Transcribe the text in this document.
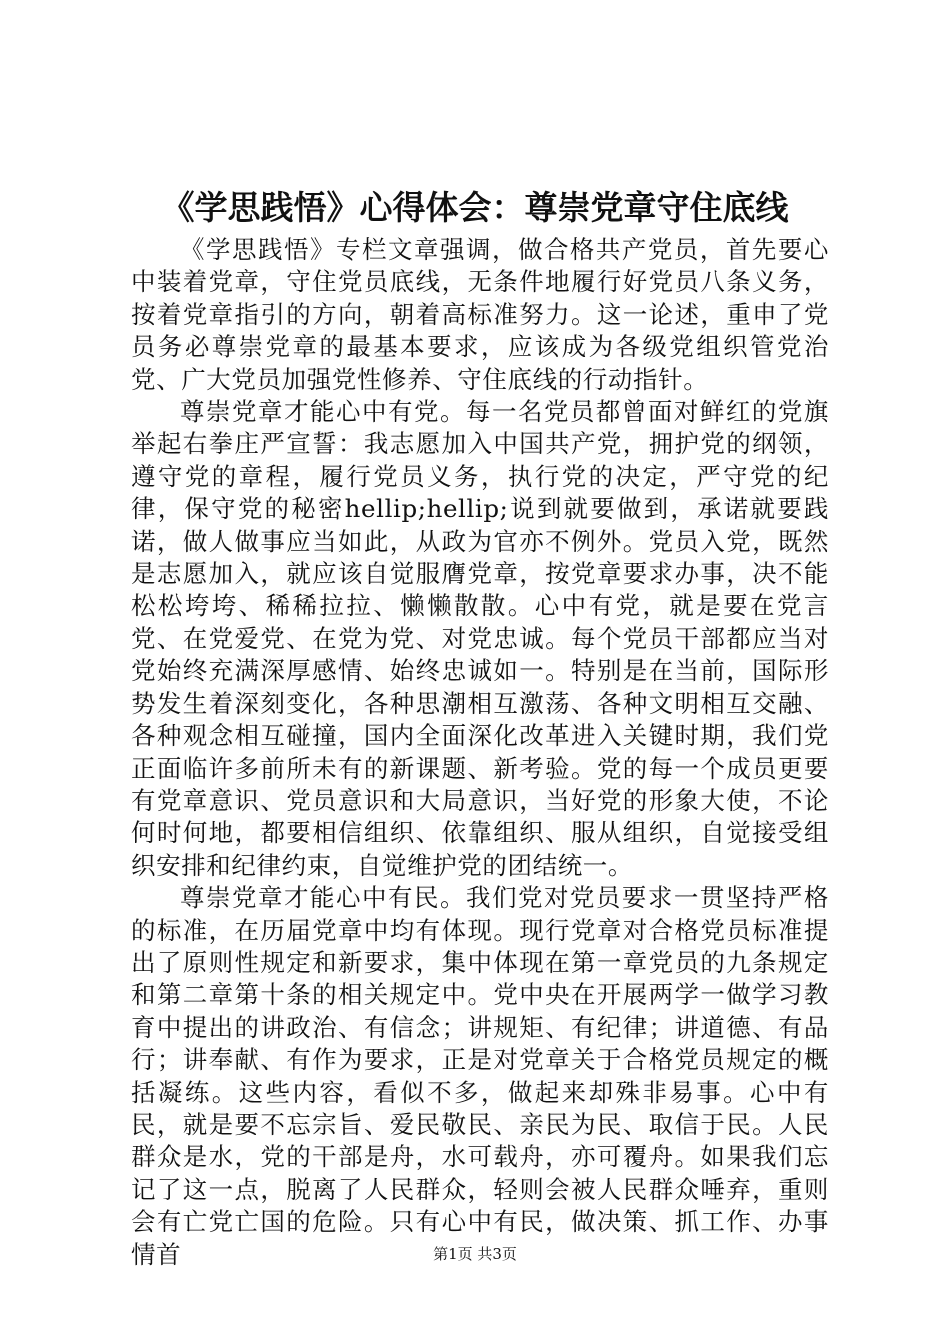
《学思践悟》心得体会：尊崇党章守住底线

《学思践悟》专栏文章强调，做合格共产党员，首先要心中装着党章，守住党员底线，无条件地履行好党员八条义务，按着党章指引的方向，朝着高标准努力。这一论述，重申了党员务必尊崇党章的最基本要求，应该成为各级党组织管党治党、广大党员加强党性修养、守住底线的行动指针。

尊崇党章才能心中有党。每一名党员都曾面对鲜红的党旗举起右拳庄严宣誓：我志愿加入中国共产党，拥护党的纲领，遵守党的章程，履行党员义务，执行党的决定，严守党的纪律，保守党的秘密hellip;hellip;说到就要做到，承诺就要践诺，做人做事应当如此，从政为官亦不例外。党员入党，既然是志愿加入，就应该自觉服膺党章，按党章要求办事，决不能松松垮垮、稀稀拉拉、懒懒散散。心中有党，就是要在党言党、在党爱党、在党为党、对党忠诚。每个党员干部都应当对党始终充满深厚感情、始终忠诚如一。特别是在当前，国际形势发生着深刻变化，各种思潮相互激荡、各种文明相互交融、各种观念相互碰撞，国内全面深化改革进入关键时期，我们党正面临许多前所未有的新课题、新考验。党的每一个成员更要有党章意识、党员意识和大局意识，当好党的形象大使，不论何时何地，都要相信组织、依靠组织、服从组织，自觉接受组织安排和纪律约束，自觉维护党的团结统一。

尊崇党章才能心中有民。我们党对党员要求一贯坚持严格的标准，在历届党章中均有体现。现行党章对合格党员标准提出了原则性规定和新要求，集中体现在第一章党员的九条规定和第二章第十条的相关规定中。党中央在开展两学一做学习教育中提出的讲政治、有信念；讲规矩、有纪律；讲道德、有品行；讲奉献、有作为要求，正是对党章关于合格党员规定的概括凝练。这些内容，看似不多，做起来却殊非易事。心中有民，就是要不忘宗旨、爱民敬民、亲民为民、取信于民。人民群众是水，党的干部是舟，水可载舟，亦可覆舟。如果我们忘记了这一点，脱离了人民群众，轻则会被人民群众唾弃，重则会有亡党亡国的危险。只有心中有民，做决策、抓工作、办事情首	第1页 共3页
